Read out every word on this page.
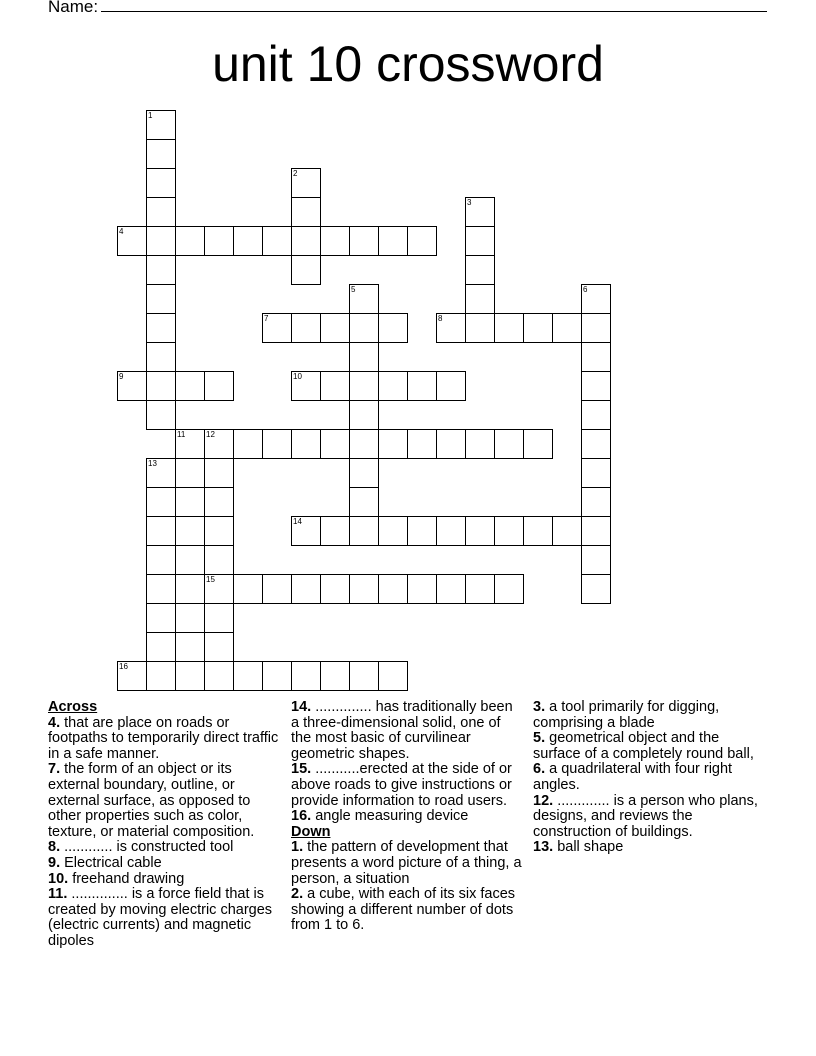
Name:
unit 10 crossword
1
2
3
4
5	6
7	8
9	10
11	12
15
13
14
16
Across
4. that are place on roads or footpaths to temporarily direct traffic in a safe manner.
7. the form of an object or its external boundary, outline, or external surface, as opposed to other properties such as color, texture, or material composition.
8. ............ is constructed tool
9. Electrical cable
10. freehand drawing
11. .............. is a force field that is created by moving electric charges (electric currents) and magnetic dipoles
14. .............. has traditionally been a three-dimensional solid, one of the most basic of curvilinear geometric shapes.
15. ...........erected at the side of or above roads to give instructions or provide information to road users.
16. angle measuring device
Down
1. the pattern of development that presents a word picture of a thing, a person, a situation
2. a cube, with each of its six faces showing a different number of dots from 1 to 6.
3. a tool primarily for digging, comprising a blade
5. geometrical object and the surface of a completely round ball,
6. a quadrilateral with four right angles.
12. ............. is a person who plans, designs, and reviews the construction of buildings.
13. ball shape
